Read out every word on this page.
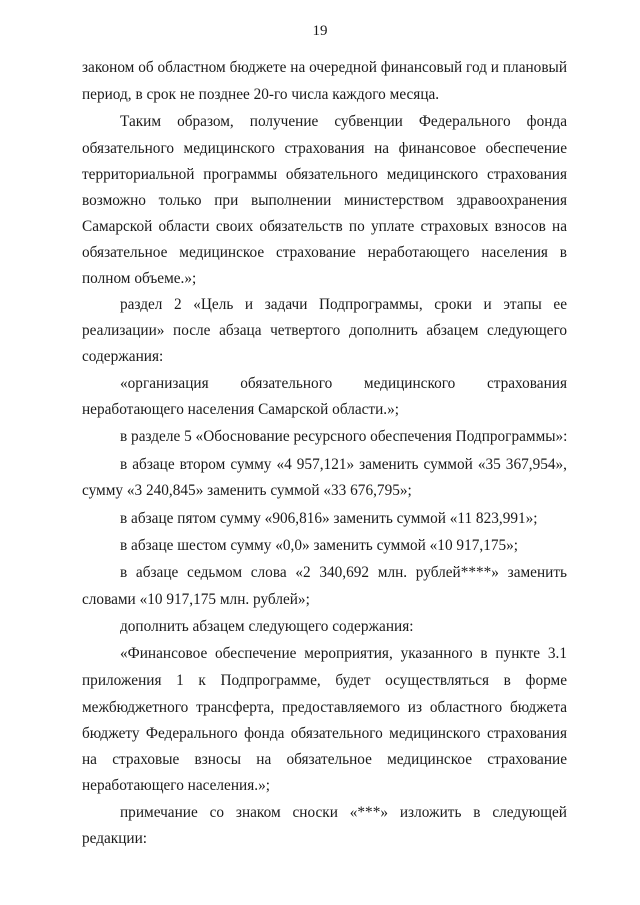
19
законом об областном бюджете на очередной финансовый год и плановый
период, в срок не позднее 20-го числа каждого месяца.
Таким образом, получение субвенции Федерального фонда
обязательного медицинского страхования на финансовое обеспечение
территориальной программы обязательного медицинского страхования
возможно только при выполнении министерством здравоохранения
Самарской области своих обязательств по уплате страховых взносов на
обязательное медицинское страхование неработающего населения в
полном объеме.»;
раздел 2 «Цель и задачи Подпрограммы, сроки и этапы ее
реализации» после абзаца четвертого дополнить абзацем следующего
содержания:
«организация обязательного медицинского страхования
неработающего населения Самарской области.»;
в разделе 5 «Обоснование ресурсного обеспечения Подпрограммы»:
в абзаце втором сумму «4 957,121» заменить суммой «35 367,954»,
сумму «3 240,845» заменить суммой «33 676,795»;
в абзаце пятом сумму «906,816» заменить суммой «11 823,991»;
в абзаце шестом сумму «0,0» заменить суммой «10 917,175»;
в абзаце седьмом слова «2 340,692 млн. рублей****» заменить
словами «10 917,175 млн. рублей»;
дополнить абзацем следующего содержания:
«Финансовое обеспечение мероприятия, указанного в пункте 3.1
приложения 1 к Подпрограмме, будет осуществляться в форме
межбюджетного трансферта, предоставляемого из областного бюджета
бюджету Федерального фонда обязательного медицинского страхования
на страховые взносы на обязательное медицинское страхование
неработающего населения.»;
примечание со знаком сноски «***» изложить в следующей
редакции:
